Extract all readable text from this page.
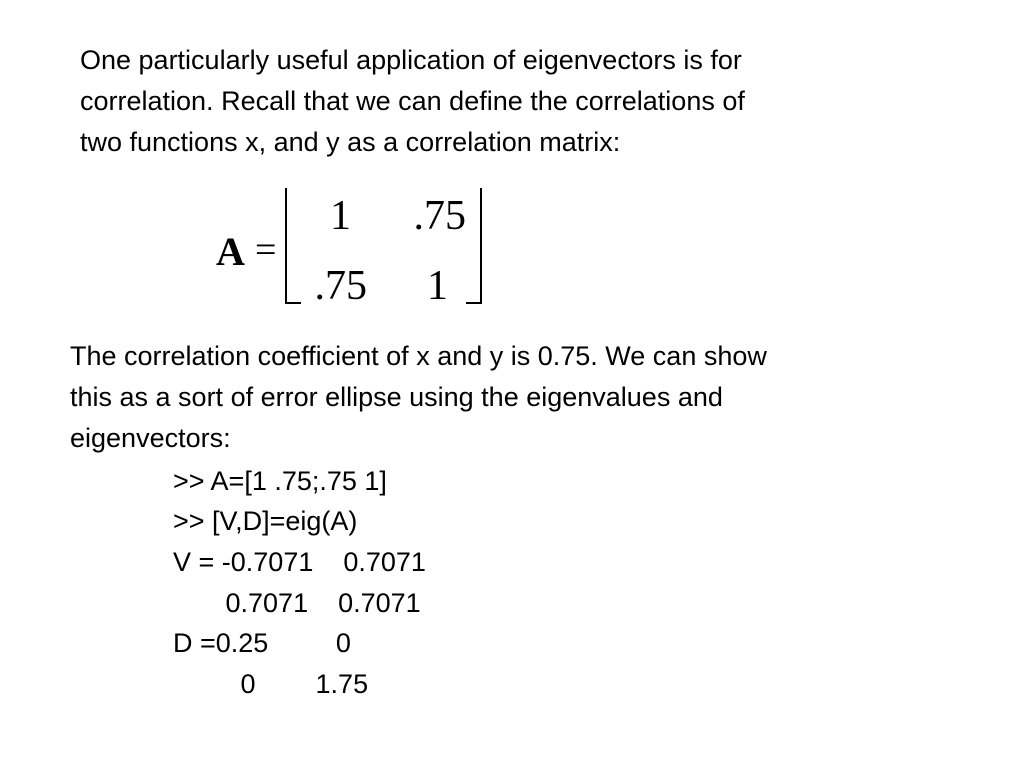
One particularly useful application of eigenvectors is for
correlation. Recall that we can define the correlations of
two functions x, and y as a correlation matrix:
A =
1 .75
.75 1
The correlation coefficient of x and y is 0.75. We can show
this as a sort of error ellipse using the eigenvalues and
eigenvectors:

>> A=[1 .75;.75 1]

>> [V,D]=eig(A)

V = -0.7071    0.7071

0.7071    0.7071

D =0.25         0

0        1.75
